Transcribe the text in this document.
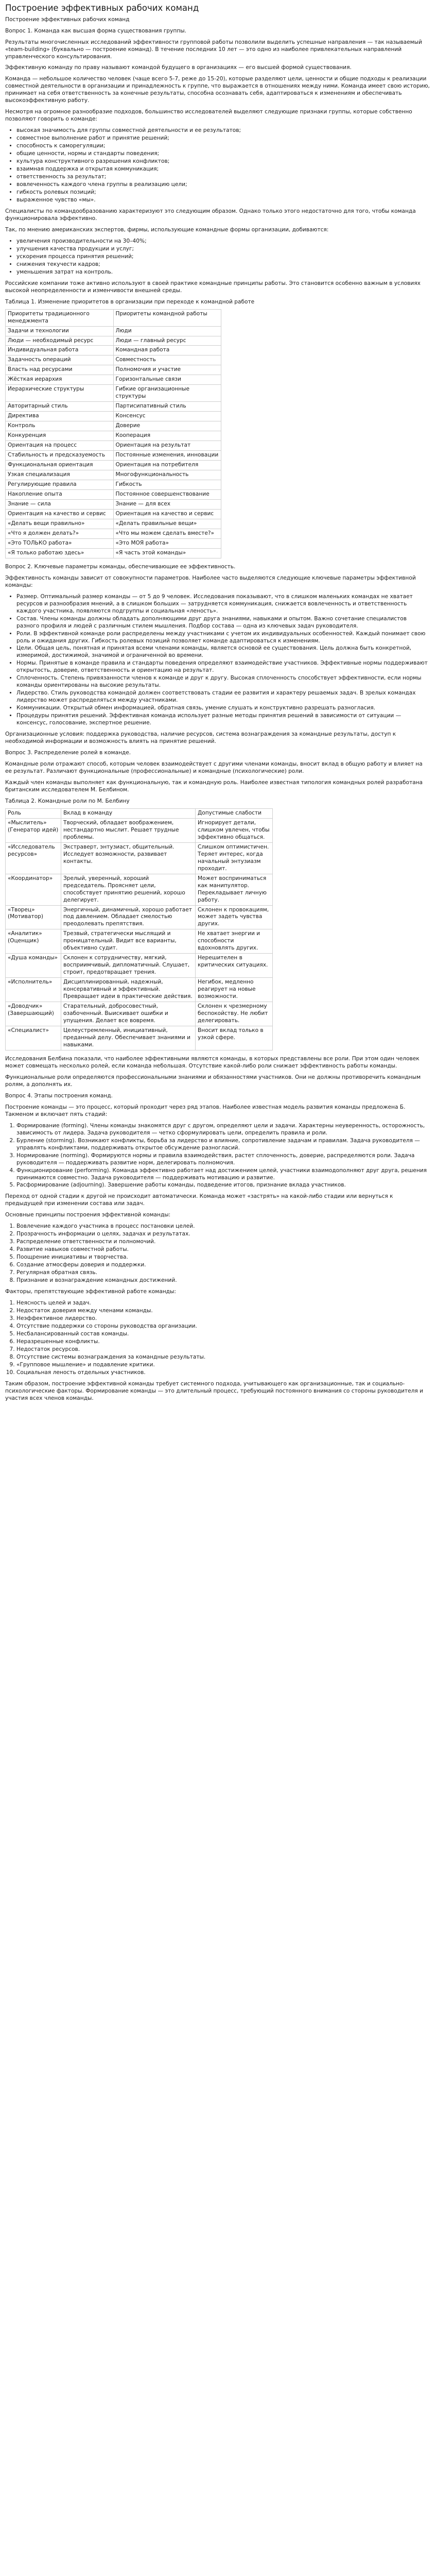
Построение эффективных рабочих команд

Построение эффективных рабочих команд

Вопрос 1. Команда как высшая форма существования группы.

Результаты многочисленных исследований эффективности групповой работы позволили выделить успешные направления — так называемый «team-building» (буквально — построение команд). В течение последних 10 лет — это одно из наиболее привлекательных направлений управленческого консультирования.

Эффективную команду по праву называют командой будущего в организациях — его высшей формой существования.

Команда — небольшое количество человек (чаще всего 5-7, реже до 15-20), которые разделяют цели, ценности и общие подходы к реализации совместной деятельности в организации и принадлежность к группе, что выражается в отношениях между ними. Команда имеет свою историю, принимает на себя ответственность за конечные результаты, способна осознавать себя, адаптироваться к изменениям и обеспечивать высокоэффективную работу.

Несмотря на огромное разнообразие подходов, большинство исследователей выделяют следующие признаки группы, которые собственно позволяют говорить о команде:

• высокая значимость для группы совместной деятельности и ее результатов;
• совместное выполнение работ и принятие решений;
• способность к саморегуляции;
• общие ценности, нормы и стандарты поведения;
• культура конструктивного разрешения конфликтов;
• взаимная поддержка и открытая коммуникация;
• ответственность за результат;
• вовлеченность каждого члена группы в реализацию цели;
• гибкость ролевых позиций;
• выраженное чувство «мы».

Специалисты по командообразованию характеризуют это следующим образом. Однако только этого недостаточно для того, чтобы команда функционировала эффективно.

Так, по мнению американских экспертов, фирмы, использующие командные формы организации, добиваются:

• увеличения производительности на 30–40%;
• улучшения качества продукции и услуг;
• ускорения процесса принятия решений;
• снижения текучести кадров;
• уменьшения затрат на контроль.

Российские компании тоже активно используют в своей практике командные принципы работы. Это становится особенно важным в условиях высокой неопределенности и изменчивости внешней среды.

Таблица 1. Изменение приоритетов в организации при переходе к командной работе

Приоритеты традиционного менеджмента	Приоритеты командной работы
Задачи и технологии	Люди
Люди — необходимый ресурс	Люди — главный ресурс
Индивидуальная работа	Командная работа
Задачность операций	Совместность
Власть над ресурсами	Полномочия и участие
Жёсткая иерархия	Горизонтальные связи
Иерархические структуры	Гибкие организационные структуры
Авторитарный стиль	Партисипативный стиль
Директива	Консенсус
Контроль	Доверие
Конкуренция	Кооперация
Ориентация на процесс	Ориентация на результат
Стабильность и предсказуемость	Постоянные изменения, инновации
Функциональная ориентация	Ориентация на потребителя
Узкая специализация	Многофункциональность
Регулирующие правила	Гибкость
Накопление опыта	Постоянное совершенствование
Знание — сила	Знание — для всех
Ориентация на качество и сервис	Ориентация на качество и сервис
«Делать вещи правильно»	«Делать правильные вещи»
«Что я должен делать?»	«Что мы можем сделать вместе?»
«Это ТОЛЬКО работа»	«Это МОЯ работа»
«Я только работаю здесь»	«Я часть этой команды»

Вопрос 2. Ключевые параметры команды, обеспечивающие ее эффективность.

Эффективность команды зависит от совокупности параметров. Наиболее часто выделяются следующие ключевые параметры эффективной команды:

• Размер. Оптимальный размер команды — от 5 до 9 человек. Исследования показывают, что в слишком маленьких командах не хватает ресурсов и разнообразия мнений, а в слишком больших — затрудняется коммуникация, снижается вовлеченность и ответственность каждого участника, появляются подгруппы и социальная «леность».
• Состав. Члены команды должны обладать дополняющими друг друга знаниями, навыками и опытом. Важно сочетание специалистов разного профиля и людей с различным стилем мышления. Подбор состава — одна из ключевых задач руководителя.
• Роли. В эффективной команде роли распределены между участниками с учетом их индивидуальных особенностей. Каждый понимает свою роль и ожидания других. Гибкость ролевых позиций позволяет команде адаптироваться к изменениям.
• Цели. Общая цель, понятная и принятая всеми членами команды, является основой ее существования. Цель должна быть конкретной, измеримой, достижимой, значимой и ограниченной во времени.
• Нормы. Принятые в команде правила и стандарты поведения определяют взаимодействие участников. Эффективные нормы поддерживают открытость, доверие, ответственность и ориентацию на результат.
• Сплоченность. Степень привязанности членов к команде и друг к другу. Высокая сплоченность способствует эффективности, если нормы команды ориентированы на высокие результаты.
• Лидерство. Стиль руководства командой должен соответствовать стадии ее развития и характеру решаемых задач. В зрелых командах лидерство может распределяться между участниками.
• Коммуникации. Открытый обмен информацией, обратная связь, умение слушать и конструктивно разрешать разногласия.
• Процедуры принятия решений. Эффективная команда использует разные методы принятия решений в зависимости от ситуации — консенсус, голосование, экспертное решение.

Организационные условия: поддержка руководства, наличие ресурсов, система вознаграждения за командные результаты, доступ к необходимой информации и возможность влиять на принятие решений.

Вопрос 3. Распределение ролей в команде.

Командные роли отражают способ, которым человек взаимодействует с другими членами команды, вносит вклад в общую работу и влияет на ее результат. Различают функциональные (профессиональные) и командные (психологические) роли.

Каждый член команды выполняет как функциональную, так и командную роль. Наиболее известная типология командных ролей разработана британским исследователем М. Белбином.

Таблица 2. Командные роли по М. Белбину

Роль	Вклад в команду	Допустимые слабости
«Мыслитель» (Генератор идей)	Творческий, обладает воображением, нестандартно мыслит. Решает трудные проблемы.	Игнорирует детали, слишком увлечен, чтобы эффективно общаться.
«Исследователь ресурсов»	Экстраверт, энтузиаст, общительный. Исследует возможности, развивает контакты.	Слишком оптимистичен. Теряет интерес, когда начальный энтузиазм проходит.
«Координатор»	Зрелый, уверенный, хороший председатель. Проясняет цели, способствует принятию решений, хорошо делегирует.	Может восприниматься как манипулятор. Перекладывает личную работу.
«Творец» (Мотиватор)	Энергичный, динамичный, хорошо работает под давлением. Обладает смелостью преодолевать препятствия.	Склонен к провокациям, может задеть чувства других.
«Аналитик» (Оценщик)	Трезвый, стратегически мыслящий и проницательный. Видит все варианты, объективно судит.	Не хватает энергии и способности вдохновлять других.
«Душа команды»	Склонен к сотрудничеству, мягкий, восприимчивый, дипломатичный. Слушает, строит, предотвращает трения.	Нерешителен в критических ситуациях.
«Исполнитель»	Дисциплинированный, надежный, консервативный и эффективный. Превращает идеи в практические действия.	Негибок, медленно реагирует на новые возможности.
«Доводчик» (Завершающий)	Старательный, добросовестный, озабоченный. Выискивает ошибки и упущения. Делает все вовремя.	Склонен к чрезмерному беспокойству. Не любит делегировать.
«Специалист»	Целеустремленный, инициативный, преданный делу. Обеспечивает знаниями и навыками.	Вносит вклад только в узкой сфере.

Исследования Белбина показали, что наиболее эффективными являются команды, в которых представлены все роли. При этом один человек может совмещать несколько ролей, если команда небольшая. Отсутствие какой-либо роли снижает эффективность работы команды.

Функциональные роли определяются профессиональными знаниями и обязанностями участников. Они не должны противоречить командным ролям, а дополнять их.

Вопрос 4. Этапы построения команд.

Построение команды — это процесс, который проходит через ряд этапов. Наиболее известная модель развития команды предложена Б. Такменом и включает пять стадий:

1. Формирование (forming). Члены команды знакомятся друг с другом, определяют цели и задачи. Характерны неуверенность, осторожность, зависимость от лидера. Задача руководителя — четко сформулировать цели, определить правила и роли.
2. Бурление (storming). Возникают конфликты, борьба за лидерство и влияние, сопротивление задачам и правилам. Задача руководителя — управлять конфликтами, поддерживать открытое обсуждение разногласий.
3. Нормирование (norming). Формируются нормы и правила взаимодействия, растет сплоченность, доверие, распределяются роли. Задача руководителя — поддерживать развитие норм, делегировать полномочия.
4. Функционирование (performing). Команда эффективно работает над достижением целей, участники взаимодополняют друг друга, решения принимаются совместно. Задача руководителя — поддерживать мотивацию и развитие.
5. Расформирование (adjourning). Завершение работы команды, подведение итогов, признание вклада участников.

Переход от одной стадии к другой не происходит автоматически. Команда может «застрять» на какой-либо стадии или вернуться к предыдущей при изменении состава или задач.

Основные принципы построения эффективной команды:

1. Вовлечение каждого участника в процесс постановки целей.
2. Прозрачность информации о целях, задачах и результатах.
3. Распределение ответственности и полномочий.
4. Развитие навыков совместной работы.
5. Поощрение инициативы и творчества.
6. Создание атмосферы доверия и поддержки.
7. Регулярная обратная связь.
8. Признание и вознаграждение командных достижений.

Факторы, препятствующие эффективной работе команды:

1. Неясность целей и задач.
2. Недостаток доверия между членами команды.
3. Неэффективное лидерство.
4. Отсутствие поддержки со стороны руководства организации.
5. Несбалансированный состав команды.
6. Неразрешенные конфликты.
7. Недостаток ресурсов.
8. Отсутствие системы вознаграждения за командные результаты.
9. «Групповое мышление» и подавление критики.
10. Социальная леность отдельных участников.

Таким образом, построение эффективной команды требует системного подхода, учитывающего как организационные, так и социально-психологические факторы. Формирование команды — это длительный процесс, требующий постоянного внимания со стороны руководителя и участия всех членов команды.
